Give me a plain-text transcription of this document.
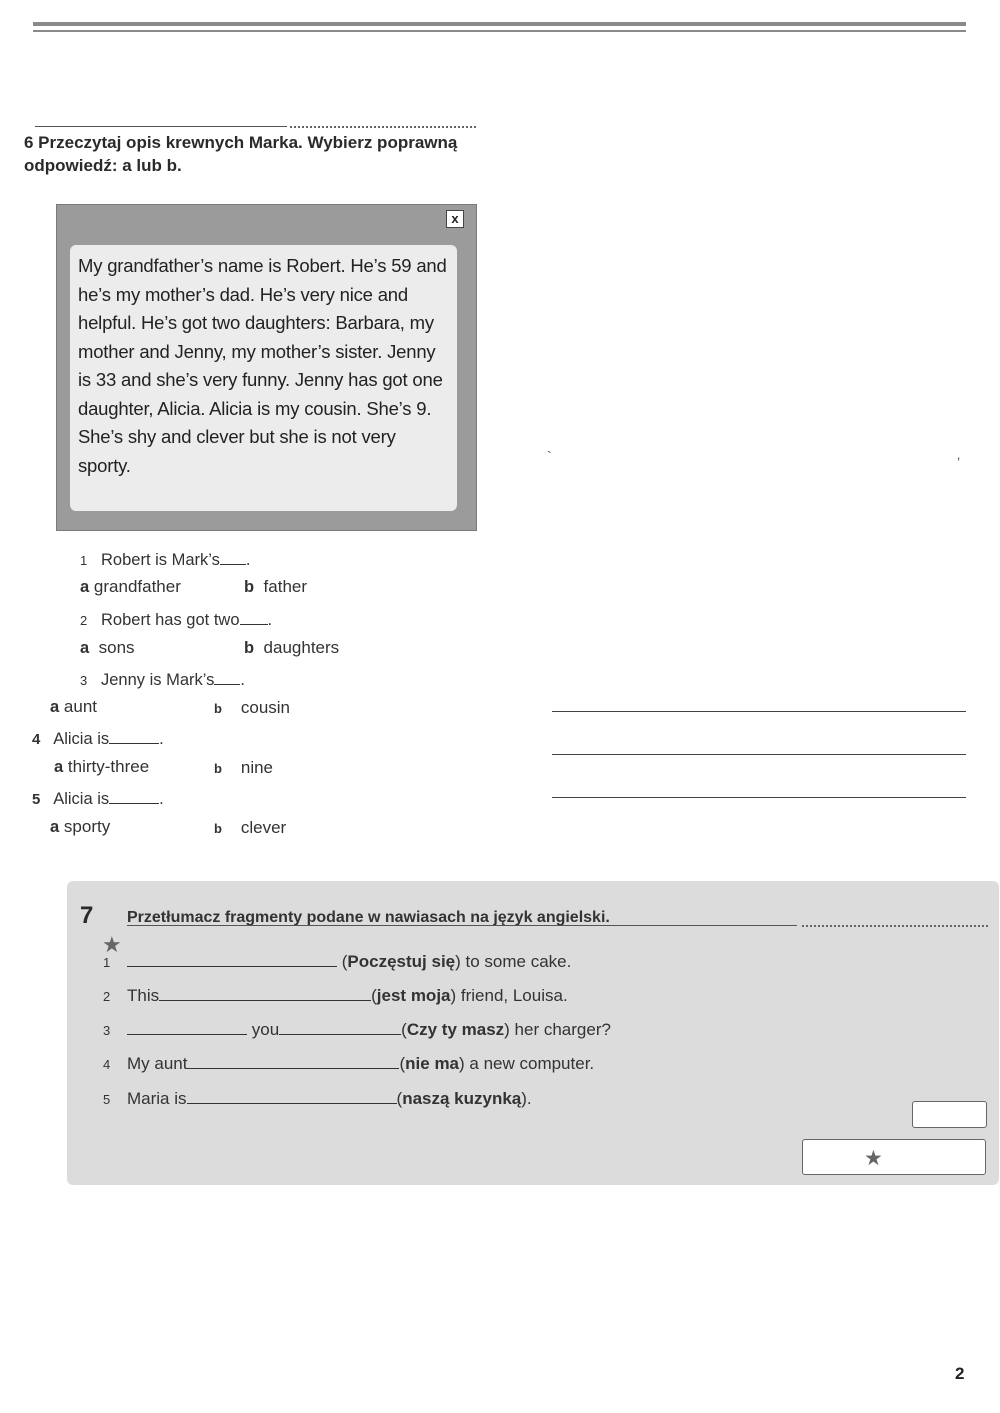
6 Przeczytaj opis krewnych Marka. Wybierz poprawną odpowiedź: a lub b.
x

My grandfather’s name is Robert. He’s 59 and he’s my mother’s dad. He’s very nice and helpful. He’s got two daughters: Barbara, my mother and Jenny, my mother’s sister. Jenny is 33 and she’s very funny. Jenny has got one daughter, Alicia. Alicia is my cousin. She’s 9. She’s shy and clever but she is not very sporty.

1 Robert is Mark’s .
a grandfather	b father
2 Robert has got two .
a sons	b daughters
3 Jenny is Mark’s .
a aunt	b cousin
4 Alicia is	.
a thirty-three	b nine
5 Alicia is	.
a sporty	b clever
`	‚
7 Przetłumacz fragmenty podane w nawiasach na język angielski.
★
1	(Poczęstuj się) to some cake.
2 This	(jest moja) friend, Louisa.
3	you	(Czy ty masz) her charger?
4 My aunt	(nie ma) a new computer.
5 Maria is	(naszą kuzynką).
★
2
